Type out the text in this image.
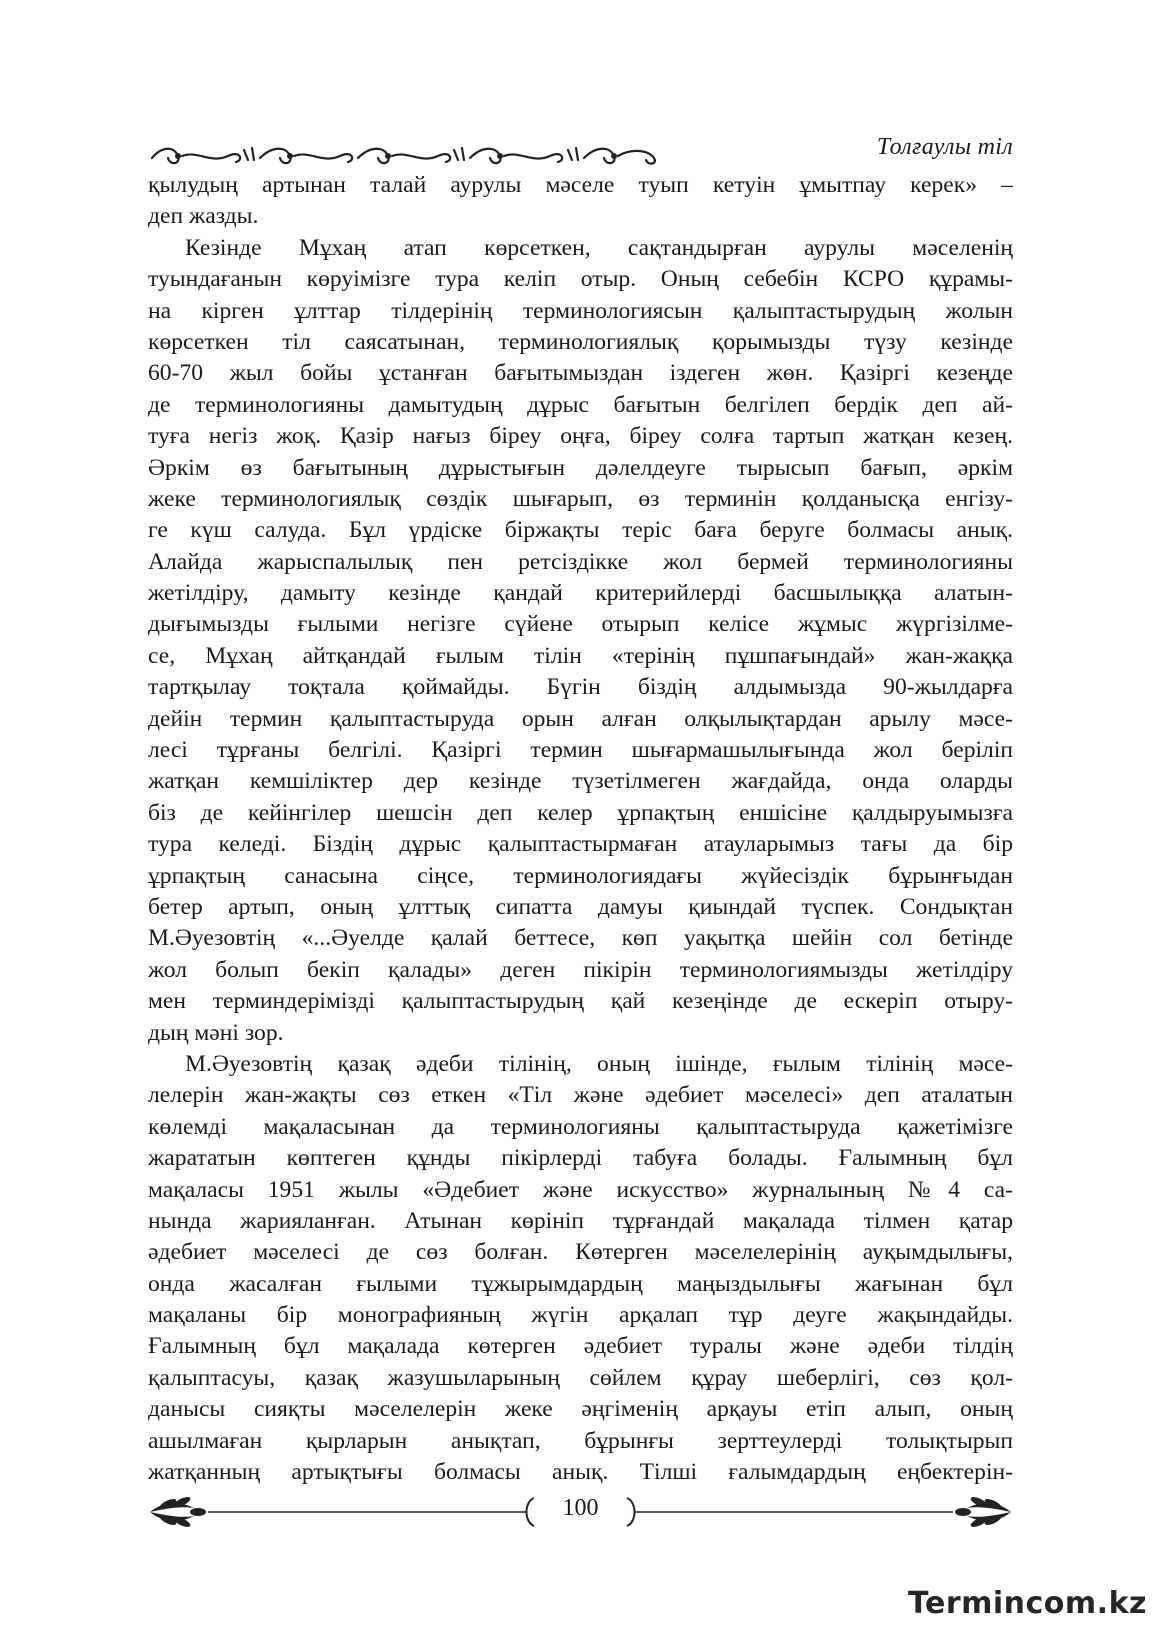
Толғаулы тіл
қылудың артынан талай аурулы мәселе туып кетуін ұмытпау керек» –
деп жазды.
Кезінде Мұхаң атап көрсеткен, сақтандырған аурулы мәселенің
туындағанын көруімізге тура келіп отыр. Оның себебін КСРО құрамы-
на кірген ұлттар тілдерінің терминологиясын қалыптастырудың жолын
көрсеткен тіл саясатынан, терминологиялық қорымызды түзу кезінде
60-70 жыл бойы ұстанған бағытымыздан іздеген жөн. Қазіргі кезеңде
де терминологияны дамытудың дұрыс бағытын белгілеп бердік деп ай-
туға негіз жоқ. Қазір нағыз біреу оңға, біреу солға тартып жатқан кезең.
Әркім өз бағытының дұрыстығын дәлелдеуге тырысып бағып, әркім
жеке терминологиялық сөздік шығарып, өз терминін қолданысқа енгізу-
ге күш салуда. Бұл үрдіске біржақты теріс баға беруге болмасы анық.
Алайда жарыспалылық пен ретсіздікке жол бермей терминологияны
жетілдіру, дамыту кезінде қандай критерийлерді басшылыққа алатын-
дығымызды ғылыми негізге сүйене отырып келісе жұмыс жүргізілме-
се, Мұхаң айтқандай ғылым тілін «терінің пұшпағындай» жан-жаққа
тартқылау тоқтала қоймайды. Бүгін біздің алдымызда 90-жылдарға
дейін термин қалыптастыруда орын алған олқылықтардан арылу мәсе-
лесі тұрғаны белгілі. Қазіргі термин шығармашылығында жол беріліп
жатқан кемшіліктер дер кезінде түзетілмеген жағдайда, онда оларды
біз де кейінгілер шешсін деп келер ұрпақтың еншісіне қалдыруымызға
тура келеді. Біздің дұрыс қалыптастырмаған атауларымыз тағы да бір
ұрпақтың санасына сіңсе, терминологиядағы жүйесіздік бұрынғыдан
бетер артып, оның ұлттық сипатта дамуы қиындай түспек. Сондықтан
М.Әуезовтің «...Әуелде қалай беттесе, көп уақытқа шейін сол бетінде
жол болып бекіп қалады» деген пікірін терминологиямызды жетілдіру
мен терминдерімізді қалыптастырудың қай кезеңінде де ескеріп отыру-
дың мәні зор.
М.Әуезовтің қазақ әдеби тілінің, оның ішінде, ғылым тілінің мәсе-
лелерін жан-жақты сөз еткен «Тіл және әдебиет мәселесі» деп аталатын
көлемді мақаласынан да терминологияны қалыптастыруда қажетімізге
жарататын көптеген құнды пікірлерді табуға болады. Ғалымның бұл
мақаласы 1951 жылы «Әдебиет және искусство» журналының №4 са-
нында жарияланған. Атынан көрініп тұрғандай мақалада тілмен қатар
әдебиет мәселесі де сөз болған. Көтерген мәселелерінің ауқымдылығы,
онда жасалған ғылыми тұжырымдардың маңыздылығы жағынан бұл
мақаланы бір монографияның жүгін арқалап тұр деуге жақындайды.
Ғалымның бұл мақалада көтерген әдебиет туралы және әдеби тілдің
қалыптасуы, қазақ жазушыларының сөйлем құрау шеберлігі, сөз қол-
данысы сияқты мәселелерін жеке әңгіменің арқауы етіп алып, оның
ашылмаған қырларын анықтап, бұрынғы зерттеулерді толықтырып
жатқанның артықтығы болмасы анық. Тілші ғалымдардың еңбектерін-
100
Termincom.kz
